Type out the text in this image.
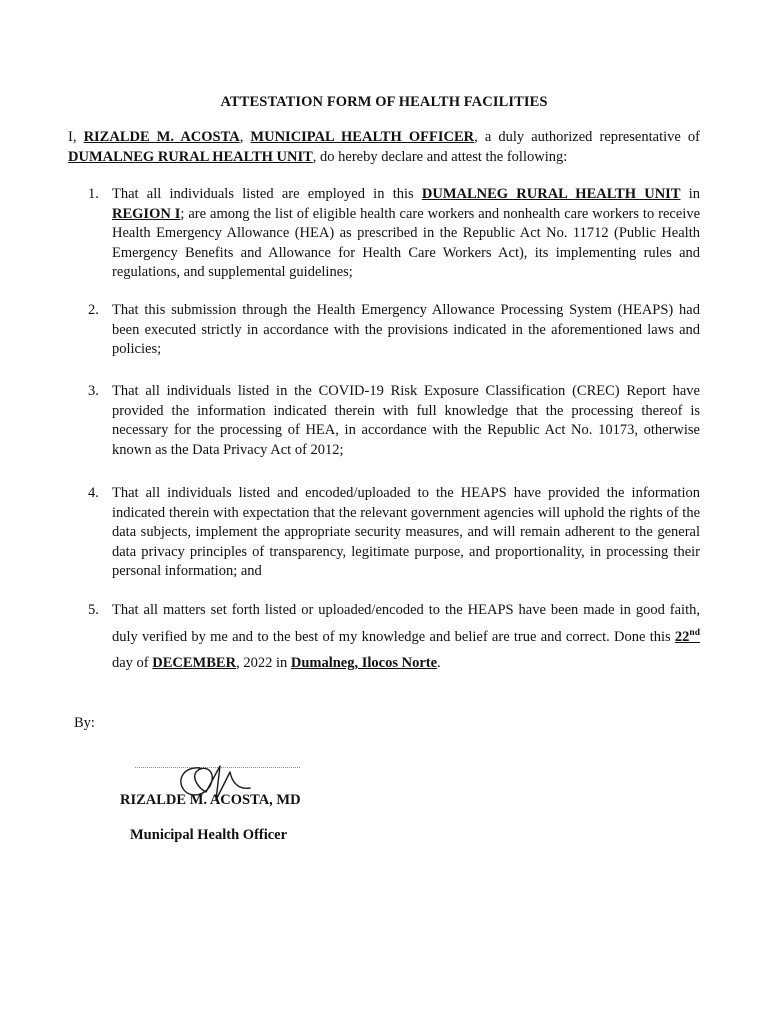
ATTESTATION FORM OF HEALTH FACILITIES
I, RIZALDE M. ACOSTA, MUNICIPAL HEALTH OFFICER, a duly authorized representative of DUMALNEG RURAL HEALTH UNIT, do hereby declare and attest the following:
1. That all individuals listed are employed in this DUMALNEG RURAL HEALTH UNIT in REGION I; are among the list of eligible health care workers and nonhealth care workers to receive Health Emergency Allowance (HEA) as prescribed in the Republic Act No. 11712 (Public Health Emergency Benefits and Allowance for Health Care Workers Act), its implementing rules and regulations, and supplemental guidelines;
2. That this submission through the Health Emergency Allowance Processing System (HEAPS) had been executed strictly in accordance with the provisions indicated in the aforementioned laws and policies;
3. That all individuals listed in the COVID-19 Risk Exposure Classification (CREC) Report have provided the information indicated therein with full knowledge that the processing thereof is necessary for the processing of HEA, in accordance with the Republic Act No. 10173, otherwise known as the Data Privacy Act of 2012;
4. That all individuals listed and encoded/uploaded to the HEAPS have provided the information indicated therein with expectation that the relevant government agencies will uphold the rights of the data subjects, implement the appropriate security measures, and will remain adherent to the general data privacy principles of transparency, legitimate purpose, and proportionality, in processing their personal information; and
5. That all matters set forth listed or uploaded/encoded to the HEAPS have been made in good faith, duly verified by me and to the best of my knowledge and belief are true and correct. Done this 22nd day of DECEMBER, 2022 in Dumalneg, Ilocos Norte.
By:
RIZALDE M. ACOSTA, MD
Municipal Health Officer
